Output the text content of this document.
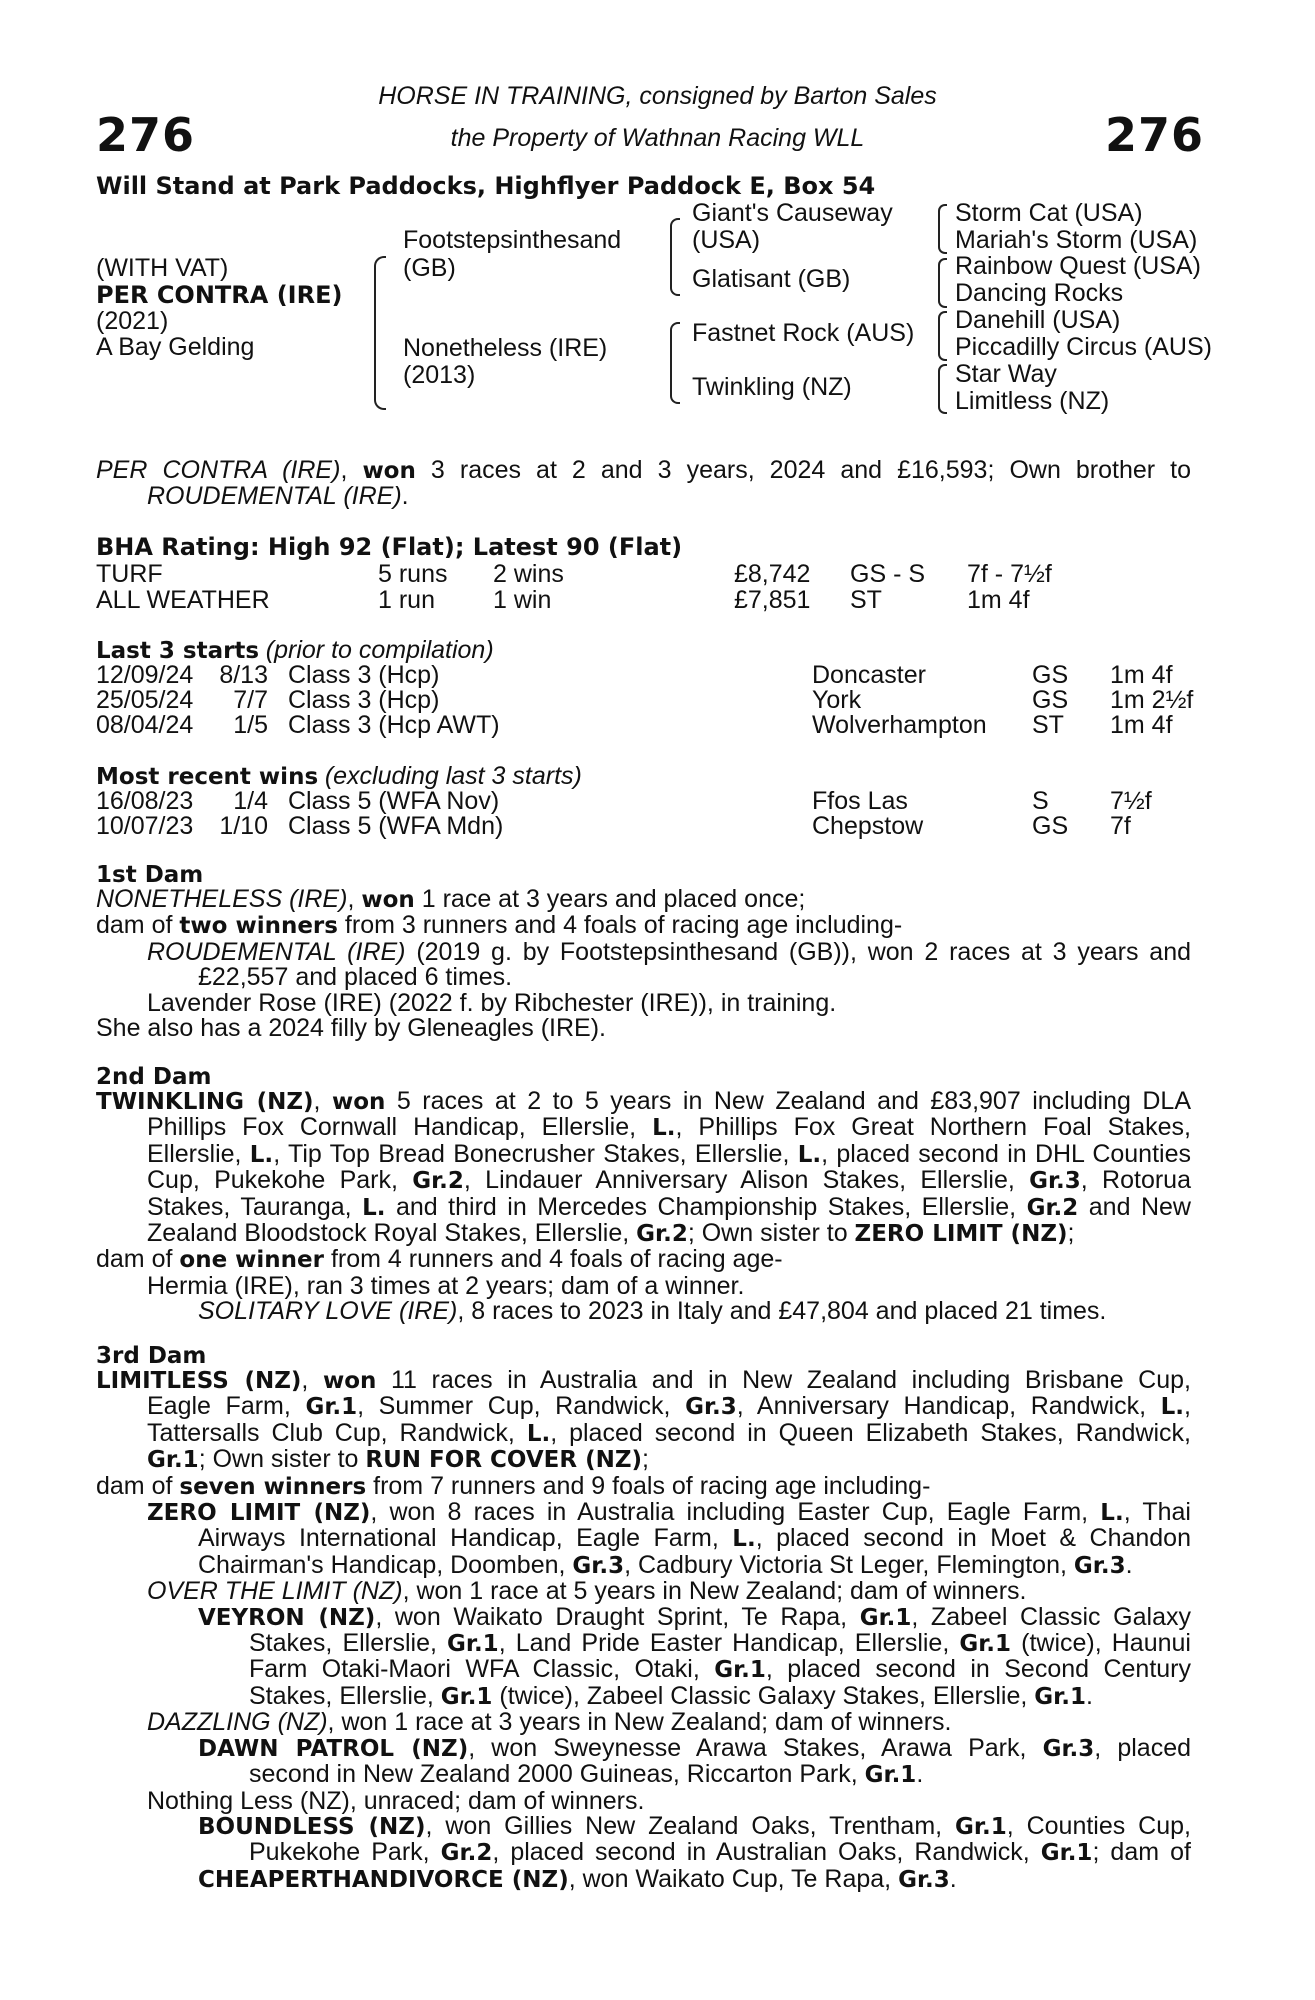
276	276
HORSE IN TRAINING, consigned by Barton Sales
the Property of Wathnan Racing WLL
Will Stand at Park Paddocks, Highflyer Paddock E, Box 54
(WITH VAT)
PER CONTRA (IRE)
(2021)
A Bay Gelding
Footstepsinthesand
(GB)
Nonetheless (IRE)
(2013)
Giant's Causeway
(USA)
Glatisant (GB)
Fastnet Rock (AUS)
Twinkling (NZ)
Storm Cat (USA)
Mariah's Storm (USA)
Rainbow Quest (USA)
Dancing Rocks
Danehill (USA)
Piccadilly Circus (AUS)
Star Way
Limitless (NZ)
PER CONTRA (IRE), won 3 races at 2 and 3 years, 2024 and £16,593; Own brother to
ROUDEMENTAL (IRE).
BHA Rating: High 92 (Flat); Latest 90 (Flat)
TURF	5 runs 2 wins	£8,742 GS - S 7f - 7½f
ALL WEATHER	1 run 1 win	£7,851 ST	1m 4f
Last 3 starts (prior to compilation)
12/09/24 8/13 Class 3 (Hcp)	Doncaster	GS 1m 4f
25/05/24	7/7 Class 3 (Hcp)	York	GS 1m 2½f
08/04/24	1/5 Class 3 (Hcp AWT)	Wolverhampton ST 1m 4f
Most recent wins (excluding last 3 starts)
16/08/23	1/4 Class 5 (WFA Nov)	Ffos Las	S 7½f
10/07/23 1/10 Class 5 (WFA Mdn)	Chepstow	GS 7f
1st Dam
NONETHELESS (IRE), won 1 race at 3 years and placed once;
dam of two winners from 3 runners and 4 foals of racing age including-
ROUDEMENTAL (IRE) (2019 g. by Footstepsinthesand (GB)), won 2 races at 3 years and
£22,557 and placed 6 times.
Lavender Rose (IRE) (2022 f. by Ribchester (IRE)), in training.
She also has a 2024 filly by Gleneagles (IRE).
2nd Dam
TWINKLING (NZ), won 5 races at 2 to 5 years in New Zealand and £83,907 including DLA
Phillips Fox Cornwall Handicap, Ellerslie, L., Phillips Fox Great Northern Foal Stakes,
Ellerslie, L., Tip Top Bread Bonecrusher Stakes, Ellerslie, L., placed second in DHL Counties
Cup, Pukekohe Park, Gr.2, Lindauer Anniversary Alison Stakes, Ellerslie, Gr.3, Rotorua
Stakes, Tauranga, L. and third in Mercedes Championship Stakes, Ellerslie, Gr.2 and New
Zealand Bloodstock Royal Stakes, Ellerslie, Gr.2; Own sister to ZERO LIMIT (NZ);
dam of one winner from 4 runners and 4 foals of racing age-
Hermia (IRE), ran 3 times at 2 years; dam of a winner.
SOLITARY LOVE (IRE), 8 races to 2023 in Italy and £47,804 and placed 21 times.
3rd Dam
LIMITLESS (NZ), won 11 races in Australia and in New Zealand including Brisbane Cup,
Eagle Farm, Gr.1, Summer Cup, Randwick, Gr.3, Anniversary Handicap, Randwick, L.,
Tattersalls Club Cup, Randwick, L., placed second in Queen Elizabeth Stakes, Randwick,
Gr.1; Own sister to RUN FOR COVER (NZ);
dam of seven winners from 7 runners and 9 foals of racing age including-
ZERO LIMIT (NZ), won 8 races in Australia including Easter Cup, Eagle Farm, L., Thai
Airways International Handicap, Eagle Farm, L., placed second in Moet & Chandon
Chairman's Handicap, Doomben, Gr.3, Cadbury Victoria St Leger, Flemington, Gr.3.
OVER THE LIMIT (NZ), won 1 race at 5 years in New Zealand; dam of winners.
VEYRON (NZ), won Waikato Draught Sprint, Te Rapa, Gr.1, Zabeel Classic Galaxy
Stakes, Ellerslie, Gr.1, Land Pride Easter Handicap, Ellerslie, Gr.1 (twice), Haunui
Farm Otaki-Maori WFA Classic, Otaki, Gr.1, placed second in Second Century
Stakes, Ellerslie, Gr.1 (twice), Zabeel Classic Galaxy Stakes, Ellerslie, Gr.1.
DAZZLING (NZ), won 1 race at 3 years in New Zealand; dam of winners.
DAWN PATROL (NZ), won Sweynesse Arawa Stakes, Arawa Park, Gr.3, placed
second in New Zealand 2000 Guineas, Riccarton Park, Gr.1.
Nothing Less (NZ), unraced; dam of winners.
BOUNDLESS (NZ), won Gillies New Zealand Oaks, Trentham, Gr.1, Counties Cup,
Pukekohe Park, Gr.2, placed second in Australian Oaks, Randwick, Gr.1; dam of
CHEAPERTHANDIVORCE (NZ), won Waikato Cup, Te Rapa, Gr.3.
